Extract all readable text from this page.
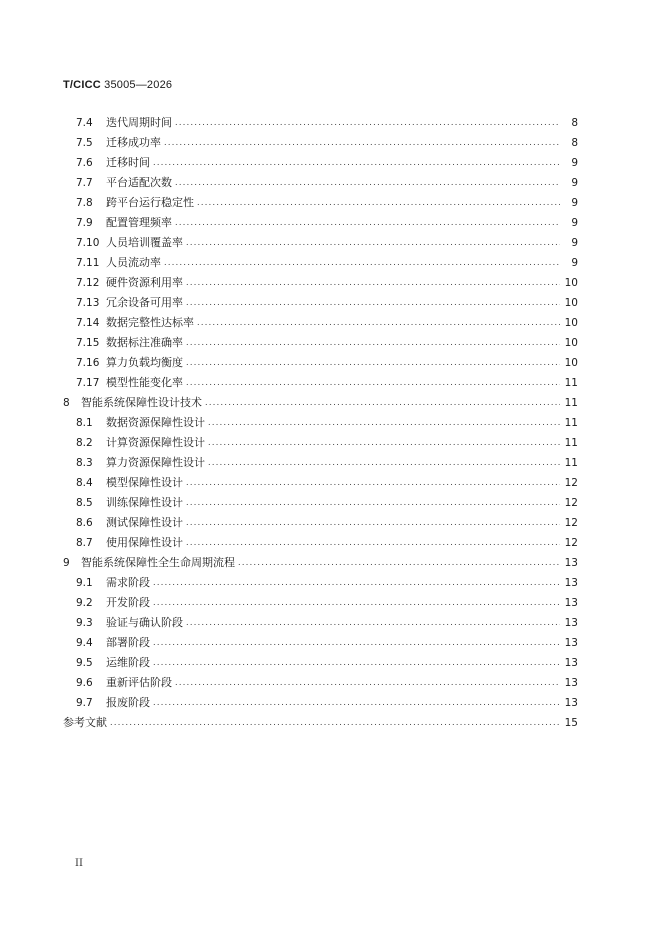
T/CICC 35005—2026
7.4	迭代周期时间 . . .	8
7.5	迁移成功率 . . .	8
7.6	迁移时间 . . .	9
7.7	平台适配次数 . . .	9
7.8	跨平台运行稳定性 . . .	9
7.9	配置管理频率 . . .	9
7.10 人员培训覆盖率 . . .	9
7.11 人员流动率 . . .	9
7.12 硬件资源利用率 . . .	10
7.13 冗余设备可用率 . . .	10
7.14 数据完整性达标率 . . .	10
7.15 数据标注准确率 . . .	10
7.16 算力负载均衡度 . . .	10
7.17 模型性能变化率 . . .	11
8	智能系统保障性设计技术 . . .	11
8.1	数据资源保障性设计 . . .	11
8.2	计算资源保障性设计 . . .	11
8.3	算力资源保障性设计 . . .	11
8.4	模型保障性设计 . . .	12
8.5	训练保障性设计 . . .	12
8.6	测试保障性设计 . . .	12
8.7	使用保障性设计 . . .	12
9	智能系统保障性全生命周期流程 . . .	13
9.1	需求阶段 . . .	13
9.2	开发阶段 . . .	13
9.3	验证与确认阶段 . . .	13
9.4	部署阶段 . . .	13
9.5	运维阶段 . . .	13
9.6	重新评估阶段 . . .	13
9.7	报废阶段 . . .	13
参考文献 . . .	15
II
